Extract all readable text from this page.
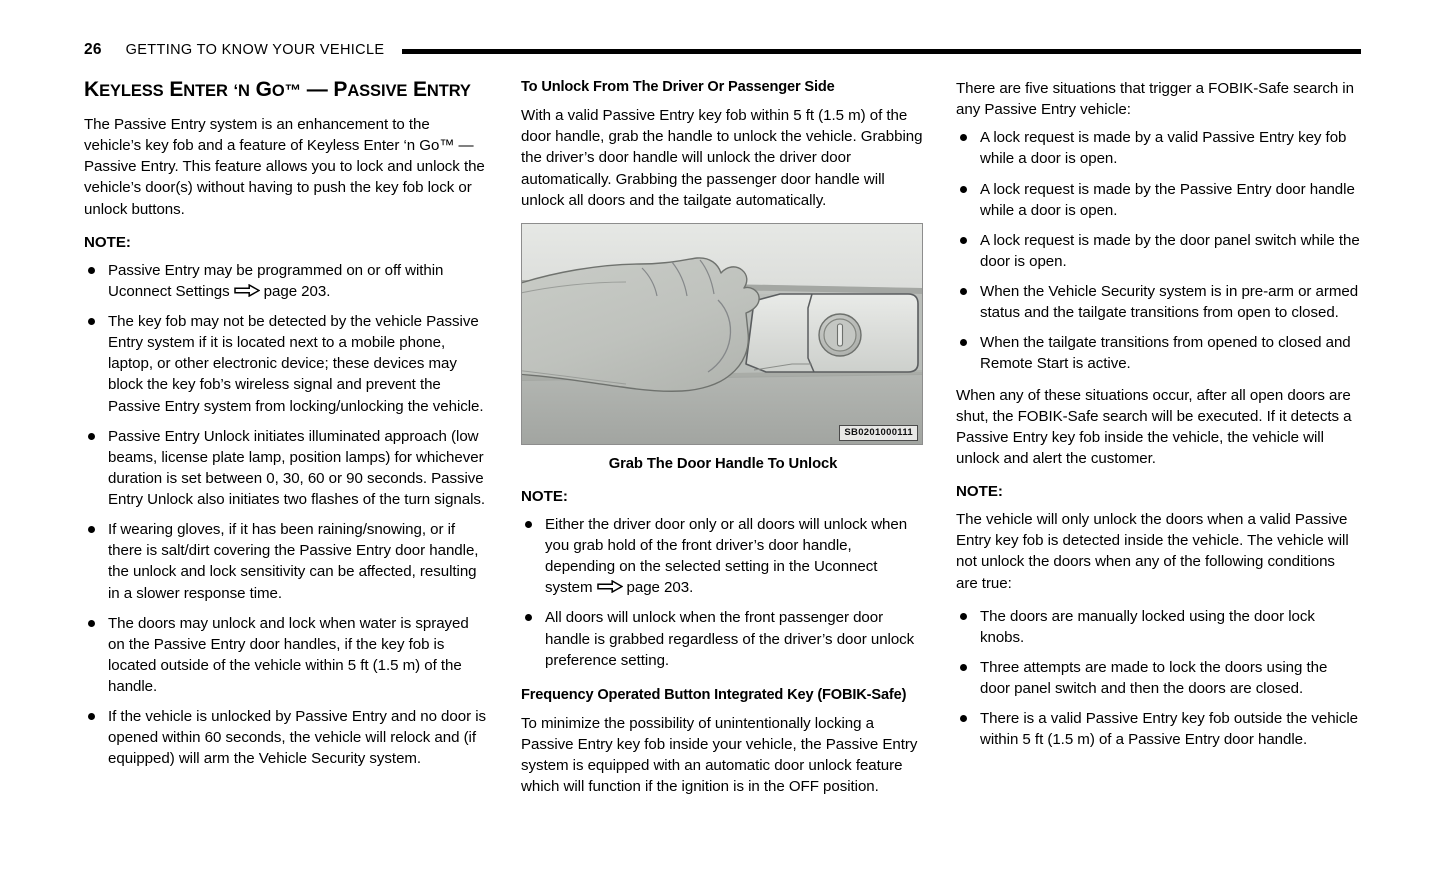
26 GETTING TO KNOW YOUR VEHICLE
KEYLESS ENTER ‘N GO™ — PASSIVE ENTRY

The Passive Entry system is an enhancement to the vehicle’s key fob and a feature of Keyless Enter ‘n Go™ — Passive Entry. This feature allows you to lock and unlock the vehicle’s door(s) without having to push the key fob lock or unlock buttons.

NOTE:

Passive Entry may be programmed on or off within Uconnect Settings page 203.
The key fob may not be detected by the vehicle Passive Entry system if it is located next to a mobile phone, laptop, or other electronic device; these devices may block the key fob’s wireless signal and prevent the Passive Entry system from locking/unlocking the vehicle.
Passive Entry Unlock initiates illuminated approach (low beams, license plate lamp, position lamps) for whichever duration is set between 0, 30, 60 or 90 seconds. Passive Entry Unlock also initiates two flashes of the turn signals.
If wearing gloves, if it has been raining/snowing, or if there is salt/dirt covering the Passive Entry door handle, the unlock and lock sensitivity can be affected, resulting in a slower response time.
The doors may unlock and lock when water is sprayed on the Passive Entry door handles, if the key fob is located outside of the vehicle within 5 ft (1.5 m) of the handle.
If the vehicle is unlocked by Passive Entry and no door is opened within 60 seconds, the vehicle will relock and (if equipped) will arm the Vehicle Security system.
To Unlock From The Driver Or Passenger Side

With a valid Passive Entry key fob within 5 ft (1.5 m) of the door handle, grab the handle to unlock the vehicle. Grabbing the driver’s door handle will unlock the driver door automatically. Grabbing the passenger door handle will unlock all doors and the tailgate automatically.

SB0201000111

Grab The Door Handle To Unlock

NOTE:

Either the driver door only or all doors will unlock when you grab hold of the front driver’s door handle, depending on the selected setting in the Uconnect system page 203.
All doors will unlock when the front passenger door handle is grabbed regardless of the driver’s door unlock preference setting.
Frequency Operated Button Integrated Key (FOBIK-Safe)

To minimize the possibility of unintentionally locking a Passive Entry key fob inside your vehicle, the Passive Entry system is equipped with an automatic door unlock feature which will function if the ignition is in the OFF position.

There are five situations that trigger a FOBIK-Safe search in any Passive Entry vehicle:

A lock request is made by a valid Passive Entry key fob while a door is open.
A lock request is made by the Passive Entry door handle while a door is open.
A lock request is made by the door panel switch while the door is open.
When the Vehicle Security system is in pre-arm or armed status and the tailgate transitions from open to closed.
When the tailgate transitions from opened to closed and Remote Start is active.

When any of these situations occur, after all open doors are shut, the FOBIK-Safe search will be executed. If it detects a Passive Entry key fob inside the vehicle, the vehicle will unlock and alert the customer.

NOTE:

The vehicle will only unlock the doors when a valid Passive Entry key fob is detected inside the vehicle. The vehicle will not unlock the doors when any of the following conditions are true:

The doors are manually locked using the door lock knobs.
Three attempts are made to lock the doors using the door panel switch and then the doors are closed.
There is a valid Passive Entry key fob outside the vehicle within 5 ft (1.5 m) of a Passive Entry door handle.
